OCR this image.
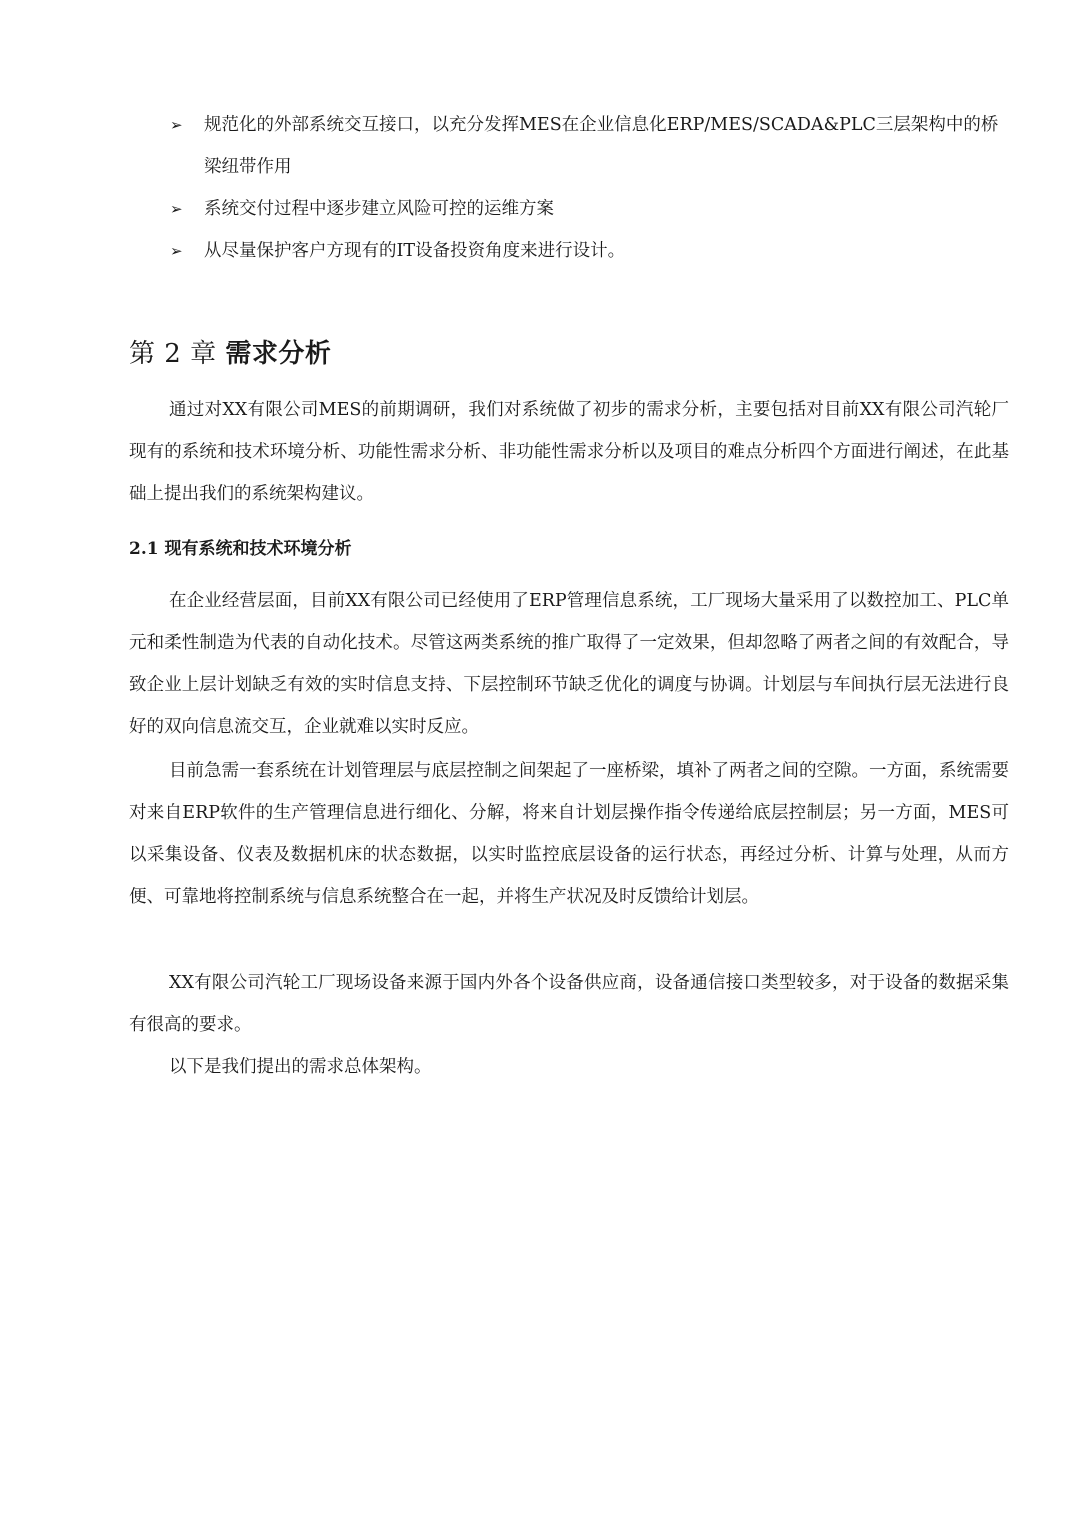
➢ 规范化的外部系统交互接口，以充分发挥MES在企业信息化ERP/MES/SCADA&PLC三层架构中的桥梁纽带作用
➢ 系统交付过程中逐步建立风险可控的运维方案
➢ 从尽量保护客户方现有的IT设备投资角度来进行设计。
第 2 章 需求分析

通过对XX有限公司MES的前期调研，我们对系统做了初步的需求分析，主要包括对目前XX有限公司汽轮厂现有的系统和技术环境分析、功能性需求分析、非功能性需求分析以及项目的难点分析四个方面进行阐述，在此基础上提出我们的系统架构建议。

2.1 现有系统和技术环境分析

在企业经营层面，目前XX有限公司已经使用了ERP管理信息系统，工厂现场大量采用了以数控加工、PLC单元和柔性制造为代表的自动化技术。尽管这两类系统的推广取得了一定效果，但却忽略了两者之间的有效配合，导致企业上层计划缺乏有效的实时信息支持、下层控制环节缺乏优化的调度与协调。计划层与车间执行层无法进行良好的双向信息流交互，企业就难以实时反应。

目前急需一套系统在计划管理层与底层控制之间架起了一座桥梁，填补了两者之间的空隙。一方面，系统需要对来自ERP软件的生产管理信息进行细化、分解，将来自计划层操作指令传递给底层控制层；另一方面，MES可以采集设备、仪表及数据机床的状态数据，以实时监控底层设备的运行状态，再经过分析、计算与处理，从而方便、可靠地将控制系统与信息系统整合在一起，并将生产状况及时反馈给计划层。

XX有限公司汽轮工厂现场设备来源于国内外各个设备供应商，设备通信接口类型较多，对于设备的数据采集有很高的要求。

以下是我们提出的需求总体架构。
